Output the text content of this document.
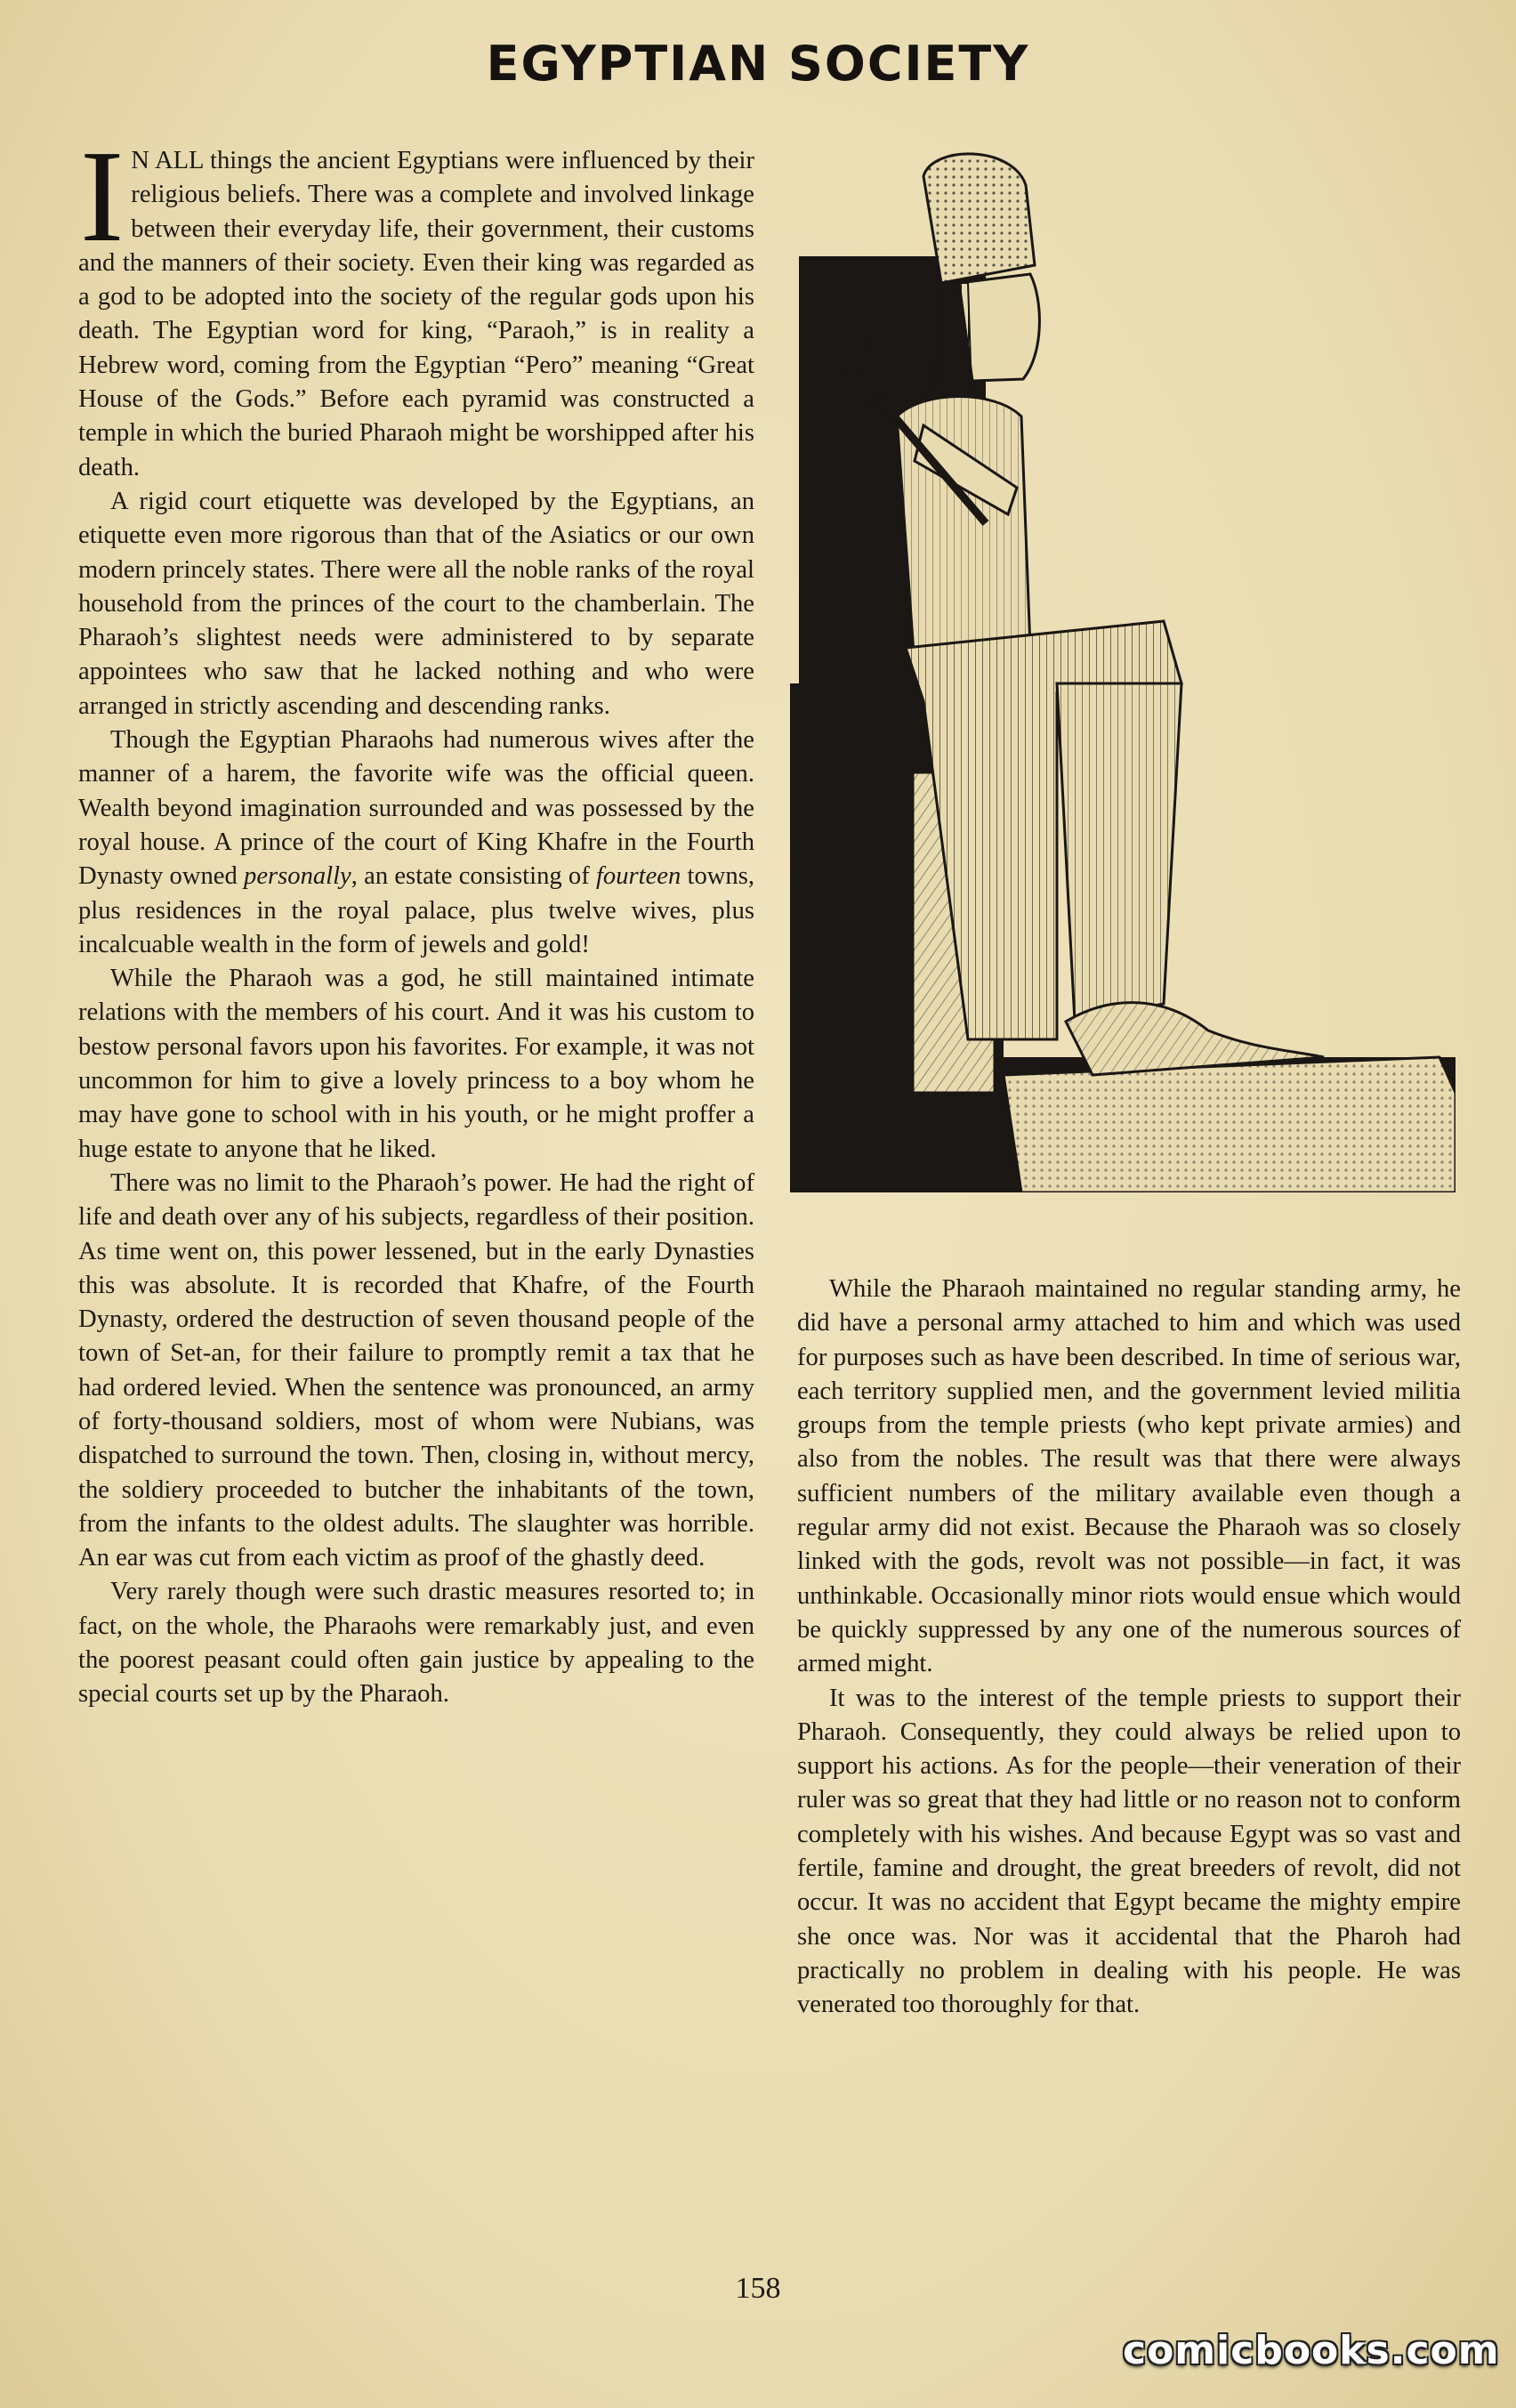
EGYPTIAN SOCIETY

I N ALL things the ancient Egyptians were influenced by their religious beliefs. There was a complete and involved linkage between their everyday life, their government, their customs and the manners of their society. Even their king was regarded as a god to be adopted into the society of the regular gods upon his death. The Egyptian word for king, “Paraoh,” is in reality a Hebrew word, coming from the Egyptian “Pero” meaning “Great House of the Gods.” Before each pyramid was constructed a temple in which the buried Pharaoh might be worshipped after his death.

A rigid court etiquette was developed by the Egyptians, an etiquette even more rigorous than that of the Asiatics or our own modern princely states. There were all the noble ranks of the royal household from the princes of the court to the chamberlain. The Pharaoh’s slightest needs were administered to by separate appointees who saw that he lacked nothing and who were arranged in strictly ascending and descending ranks.

Though the Egyptian Pharaohs had numerous wives after the manner of a harem, the favorite wife was the official queen. Wealth beyond imagination surrounded and was possessed by the royal house. A prince of the court of King Khafre in the Fourth Dynasty owned personally, an estate consisting of fourteen towns, plus residences in the royal palace, plus twelve wives, plus incalcuable wealth in the form of jewels and gold!

While the Pharaoh was a god, he still maintained intimate relations with the members of his court. And it was his custom to bestow personal favors upon his favorites. For example, it was not uncommon for him to give a lovely princess to a boy whom he may have gone to school with in his youth, or he might proffer a huge estate to anyone that he liked.

There was no limit to the Pharaoh’s power. He had the right of life and death over any of his subjects, regardless of their position. As time went on, this power lessened, but in the early Dynasties this was absolute. It is recorded that Khafre, of the Fourth Dynasty, ordered the destruction of seven thousand people of the town of Set-an, for their failure to promptly remit a tax that he had ordered levied. When the sentence was pronounced, an army of forty-thousand soldiers, most of whom were Nubians, was dispatched to surround the town. Then, closing in, without mercy, the soldiery proceeded to butcher the inhabitants of the town, from the infants to the oldest adults. The slaughter was horrible. An ear was cut from each victim as proof of the ghastly deed.

Very rarely though were such drastic measures resorted to; in fact, on the whole, the Pharaohs were remarkably just, and even the poorest peasant could often gain justice by appealing to the special courts set up by the Pharaoh.

While the Pharaoh maintained no regular standing army, he did have a personal army attached to him and which was used for purposes such as have been described. In time of serious war, each territory supplied men, and the government levied militia groups from the temple priests (who kept private armies) and also from the nobles. The result was that there were always sufficient numbers of the military available even though a regular army did not exist. Because the Pharaoh was so closely linked with the gods, revolt was not possible—in fact, it was unthinkable. Occasionally minor riots would ensue which would be quickly suppressed by any one of the numerous sources of armed might.

It was to the interest of the temple priests to support their Pharaoh. Consequently, they could always be relied upon to support his actions. As for the people—their veneration of their ruler was so great that they had little or no reason not to conform completely with his wishes. And because Egypt was so vast and fertile, famine and drought, the great breeders of revolt, did not occur. It was no accident that Egypt became the mighty empire she once was. Nor was it accidental that the Pharoh had practically no problem in dealing with his people. He was venerated too thoroughly for that.

158
comicbooks.com
